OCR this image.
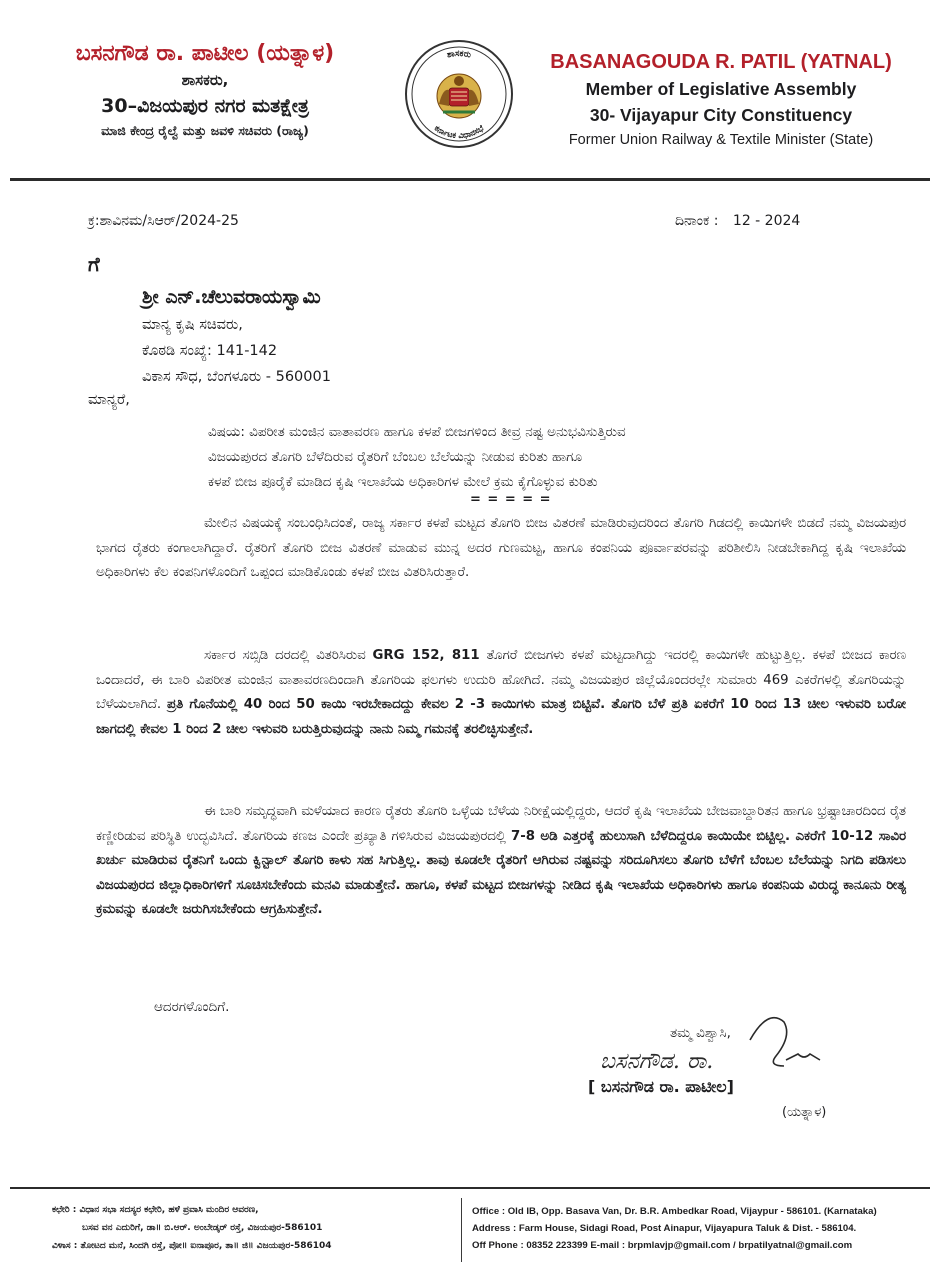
ಬಸನಗೌಡ ರಾ. ಪಾಟೀಲ (ಯತ್ನಾಳ)
ಶಾಸಕರು,
30–ವಿಜಯಪುರ ನಗರ ಮತಕ್ಷೇತ್ರ
ಮಾಜಿ ಕೇಂದ್ರ ರೈಲ್ವೆ ಮತ್ತು ಜವಳಿ ಸಚಿವರು (ರಾಜ್ಯ)
ಶಾಸಕರು
ಕರ್ನಾಟಕ ವಿಧಾನಸಭೆ
BASANAGOUDA R. PATIL (YATNAL)
Member of Legislative Assembly
30- Vijayapur City Constituency
Former Union Railway & Textile Minister (State)
ಕ್ರ:ಶಾವಿನಮ/ಸಿಆರ್/2024-25	ದಿನಾಂಕ : 12 - 2024
ಗೆ
ಶ್ರೀ ಎನ್.ಚೆಲುವರಾಯಸ್ವಾಮಿ
ಮಾನ್ಯ ಕೃಷಿ ಸಚಿವರು,
ಕೊಠಡಿ ಸಂಖ್ಯೆ: 141-142
ವಿಕಾಸ ಸೌಧ, ಬೆಂಗಳೂರು - 560001
ಮಾನ್ಯರೆ,
ವಿಷಯ: ವಿಪರೀತ ಮಂಜಿನ ವಾತಾವರಣ ಹಾಗೂ ಕಳಪೆ ಬೀಜಗಳಿಂದ ತೀವ್ರ ನಷ್ಟ ಅನುಭವಿಸುತ್ತಿರುವ
ವಿಜಯಪುರದ ತೊಗರಿ ಬೆಳೆದಿರುವ ರೈತರಿಗೆ ಬೆಂಬಲ ಬೆಲೆಯನ್ನು ನೀಡುವ ಕುರಿತು ಹಾಗೂ
ಕಳಪೆ ಬೀಜ ಪೂರೈಕೆ ಮಾಡಿದ ಕೃಷಿ ಇಲಾಖೆಯ ಅಧಿಕಾರಿಗಳ ಮೇಲೆ ಕ್ರಮ ಕೈಗೊಳ್ಳುವ ಕುರಿತು
= = = = =
ಮೇಲಿನ ವಿಷಯಕ್ಕೆ ಸಂಬಂಧಿಸಿದಂತೆ, ರಾಜ್ಯ ಸರ್ಕಾರ ಕಳಪೆ ಮಟ್ಟದ ತೊಗರಿ ಬೀಜ ವಿತರಣೆ ಮಾಡಿರುವುದರಿಂದ ತೊಗರಿ ಗಿಡದಲ್ಲಿ ಕಾಯಿಗಳೇ ಬಿಡದೆ ನಮ್ಮ ವಿಜಯಪುರ ಭಾಗದ ರೈತರು ಕಂಗಾಲಾಗಿದ್ದಾರೆ. ರೈತರಿಗೆ ತೊಗರಿ ಬೀಜ ವಿತರಣೆ ಮಾಡುವ ಮುನ್ನ ಅದರ ಗುಣಮಟ್ಟ, ಹಾಗೂ ಕಂಪನಿಯ ಪೂರ್ವಾಪರವನ್ನು ಪರಿಶೀಲಿಸಿ ನೀಡಬೇಕಾಗಿದ್ದ ಕೃಷಿ ಇಲಾಖೆಯ ಅಧಿಕಾರಿಗಳು ಕೆಲ ಕಂಪನಿಗಳೊಂದಿಗೆ ಒಪ್ಪಂದ ಮಾಡಿಕೊಂಡು ಕಳಪೆ ಬೀಜ ವಿತರಿಸಿರುತ್ತಾರೆ.
ಸರ್ಕಾರ ಸಬ್ಸಿಡಿ ದರದಲ್ಲಿ ವಿತರಿಸಿರುವ GRG 152, 811 ತೊಗರೆ ಬೀಜಗಳು ಕಳಪೆ ಮಟ್ಟದಾಗಿದ್ದು ಇದರಲ್ಲಿ ಕಾಯಿಗಳೇ ಹುಟ್ಟುತ್ತಿಲ್ಲ. ಕಳಪೆ ಬೀಜದ ಕಾರಣ ಒಂದಾದರೆ, ಈ ಬಾರಿ ವಿಪರೀತ ಮಂಜಿನ ವಾತಾವರಣದಿಂದಾಗಿ ತೊಗರಿಯ ಫಲಗಳು ಉದುರಿ ಹೋಗಿದೆ. ನಮ್ಮ ವಿಜಯಪುರ ಜಿಲ್ಲೆಯೊಂದರಲ್ಲೇ ಸುಮಾರು 469 ಎಕರೆಗಳಲ್ಲಿ ತೊಗರಿಯನ್ನು ಬೆಳೆಯಲಾಗಿದೆ. ಪ್ರತಿ ಗೊನೆಯಲ್ಲಿ 40 ರಿಂದ 50 ಕಾಯಿ ಇರಬೇಕಾದದ್ದು ಕೇವಲ 2 -3 ಕಾಯಿಗಳು ಮಾತ್ರ ಬಿಟ್ಟಿವೆ. ತೊಗರಿ ಬೆಳೆ ಪ್ರತಿ ಏಕರೆಗೆ 10 ರಿಂದ 13 ಚೀಲ ಇಳುವರಿ ಬರೋ ಜಾಗದಲ್ಲಿ ಕೇವಲ 1 ರಿಂದ 2 ಚೀಲ ಇಳುವರಿ ಬರುತ್ತಿರುವುದನ್ನು ನಾನು ನಿಮ್ಮ ಗಮನಕ್ಕೆ ತರಲಿಚ್ಛಿಸುತ್ತೇನೆ.
ಈ ಬಾರಿ ಸಮೃದ್ಧವಾಗಿ ಮಳೆಯಾದ ಕಾರಣ ರೈತರು ತೊಗರಿ ಒಳ್ಳೆಯ ಬೆಳೆಯ ನಿರೀಕ್ಷೆಯಲ್ಲಿದ್ದರು, ಆದರೆ ಕೃಷಿ ಇಲಾಖೆಯ ಬೇಜವಾಬ್ದಾರಿತನ ಹಾಗೂ ಭ್ರಷ್ಟಾಚಾರದಿಂದ ರೈತ ಕಣ್ಣೀರಿಡುವ ಪರಿಸ್ಥಿತಿ ಉದ್ಭವಿಸಿದೆ. ತೊಗರಿಯ ಕಣಜ ಎಂದೇ ಪ್ರಖ್ಯಾತಿ ಗಳಿಸಿರುವ ವಿಜಯಪುರದಲ್ಲಿ 7-8 ಅಡಿ ಎತ್ತರಕ್ಕೆ ಹುಲುಸಾಗಿ ಬೆಳೆದಿದ್ದರೂ ಕಾಯಿಯೇ ಬಿಟ್ಟಿಲ್ಲ. ಎಕರೆಗೆ 10-12 ಸಾವಿರ ಖರ್ಚು ಮಾಡಿರುವ ರೈತನಿಗೆ ಒಂದು ಕ್ವಿನ್ಟಾಲ್ ತೊಗರಿ ಕಾಳು ಸಹ ಸಿಗುತ್ತಿಲ್ಲ. ತಾವು ಕೂಡಲೇ ರೈತರಿಗೆ ಆಗಿರುವ ನಷ್ಟವನ್ನು ಸರಿದೂಗಿಸಲು ತೊಗರಿ ಬೆಳೆಗೆ ಬೆಂಬಲ ಬೆಲೆಯನ್ನು ನಿಗದಿ ಪಡಿಸಲು ವಿಜಯಪುರದ ಜಿಲ್ಲಾಧಿಕಾರಿಗಳಿಗೆ ಸೂಚಿಸಬೇಕೆಂದು ಮನವಿ ಮಾಡುತ್ತೇನೆ. ಹಾಗೂ, ಕಳಪೆ ಮಟ್ಟದ ಬೀಜಗಳನ್ನು ನೀಡಿದ ಕೃಷಿ ಇಲಾಖೆಯ ಅಧಿಕಾರಿಗಳು ಹಾಗೂ ಕಂಪನಿಯ ವಿರುದ್ಧ ಕಾನೂನು ರೀತ್ಯ ಕ್ರಮವನ್ನು ಕೂಡಲೇ ಜರುಗಿಸಬೇಕೆಂದು ಆಗ್ರಹಿಸುತ್ತೇನೆ.
ಆದರಗಳೊಂದಿಗೆ.
ತಮ್ಮ ವಿಶ್ವಾಸಿ,
ಬಸನಗೌಡ. ರಾ.
[ ಬಸನಗೌಡ ರಾ. ಪಾಟೀಲ]
(ಯತ್ನಾಳ)
ಕಛೇರಿ : ವಿಧಾನ ಸಭಾ ಸದಸ್ಯರ ಕಛೇರಿ, ಹಳೆ ಪ್ರವಾಸಿ ಮಂದಿರ ಆವರಣ,
ಬಸವ ವನ ಎದುರಿಗೆ, ಡಾ॥ ಬಿ.ಆರ್. ಅಂಬೇಡ್ಕರ್ ರಸ್ತೆ, ವಿಜಯಪುರ-586101
ವಿಳಾಸ : ತೋಟದ ಮನೆ, ಸಿಂದಗಿ ರಸ್ತೆ, ಪೋ॥ ಐನಾಪೂರ, ತಾ॥ ಜಿ॥ ವಿಜಯಪುರ-586104
Office : Old IB, Opp. Basava Van, Dr. B.R. Ambedkar Road, Vijaypur - 586101. (Karnataka)
Address : Farm House, Sidagi Road, Post Ainapur, Vijayapura Taluk & Dist. - 586104.
Off Phone : 08352 223399 E-mail : brpmlavjp@gmail.com / brpatilyatnal@gmail.com
